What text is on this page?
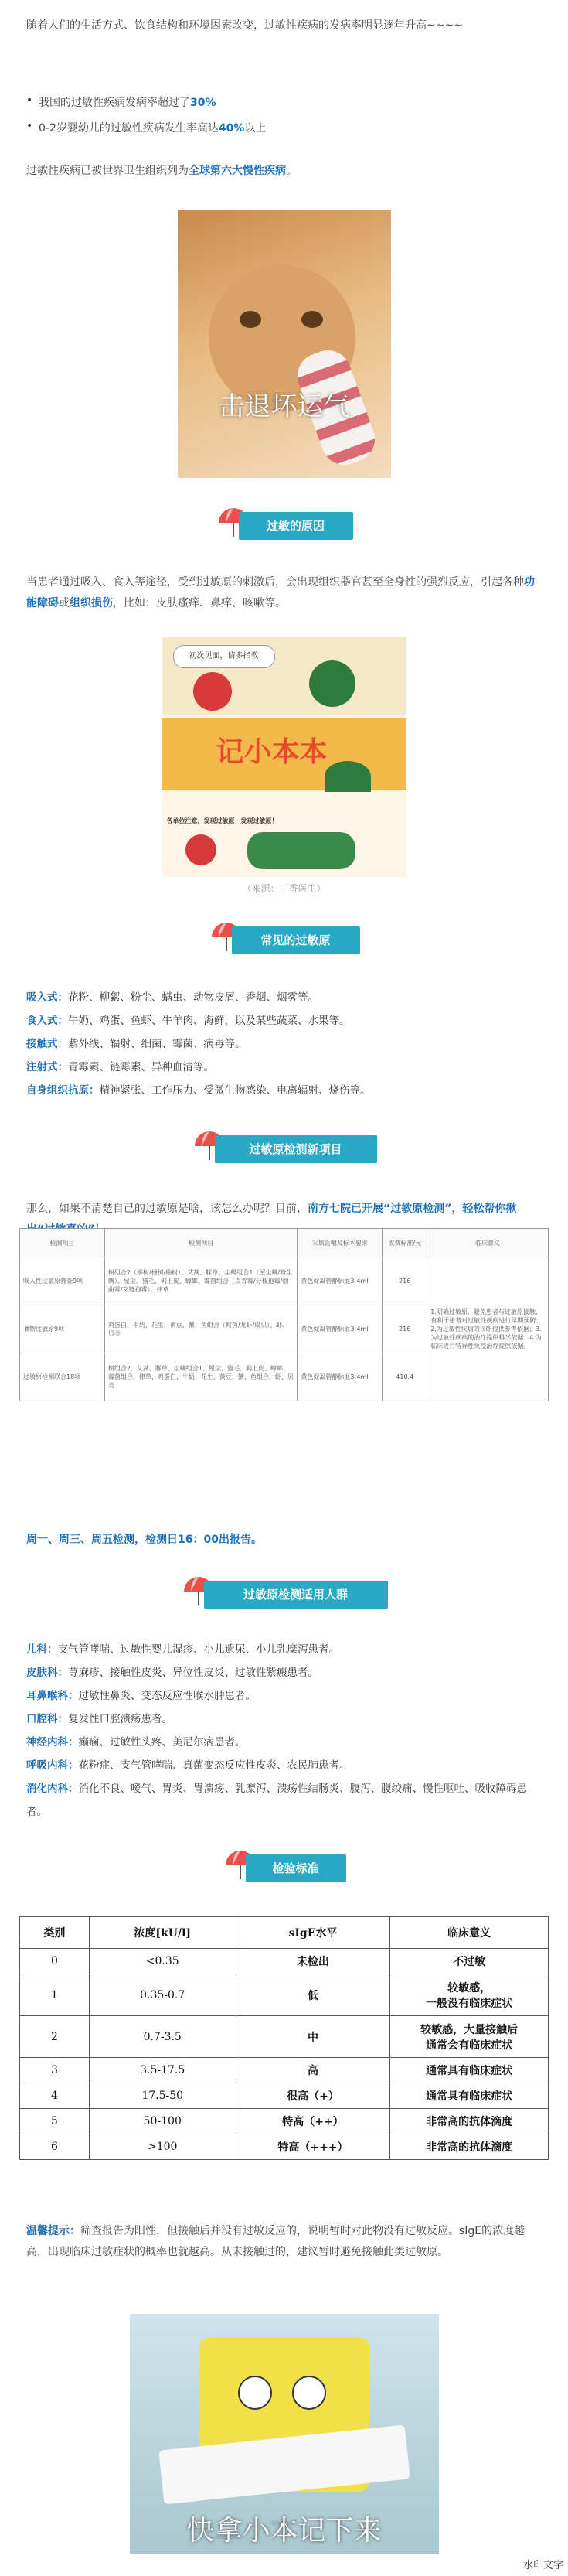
随着人们的生活方式、饮食结构和环境因素改变，过敏性疾病的发病率明显逐年升高~~~~
• 我国的过敏性疾病发病率超过了30%
• 0-2岁婴幼儿的过敏性疾病发生率高达40%以上
过敏性疾病已被世界卫生组织列为全球第六大慢性疾病。
击退坏运气
过敏的原因
当患者通过吸入、食入等途径，受到过敏原的刺激后，会出现组织器官甚至全身性的强烈反应，引起各种功能障碍或组织损伤，比如：皮肤瘙痒、鼻痒、咳嗽等。
初次见面，请多指教
记小本本
各单位注意，发现过敏原！发现过敏原！
（来源：丁香医生）
常见的过敏原
吸入式：花粉、柳絮、粉尘、螨虫、动物皮屑、香烟、烟雾等。
食入式：牛奶、鸡蛋、鱼虾、牛羊肉、海鲜，以及某些蔬菜、水果等。
接触式：紫外线、辐射、细菌、霉菌、病毒等。
注射式：青霉素、链霉素、异种血清等。
自身组织抗原：精神紧张、工作压力、受微生物感染、电离辐射、烧伤等。
过敏原检测新项目
那么，如果不清楚自己的过敏原是啥，该怎么办呢？目前，南方七院已开展“过敏原检测”，轻松帮你揪
检测项目	检测项目	采集医嘱及标本要求	收费标准/元	临床意义
吸入性过敏原筛查9项	树组合2（柳树/杨树/榆树）、艾蒿、豚草、尘螨组合1（屋尘螨/粉尘螨）、屋尘、猫毛、狗上皮、蟑螂、霉菌组合（点青霉/分枝孢霉/烟曲霉/交链孢霉）、律草	黄色促凝管静脉血3-4ml	216	1.明确过敏原，避免患者与过敏原接触，有利于患者对过敏性疾病进行早期预防；2.为过敏性疾病的诊断提供参考依据；3.为过敏性疾病的治疗提供科学依据；4.为临床进行特异性免疫治疗提供依据。
食物过敏原9项	鸡蛋白、牛奶、花生、黄豆、蟹、鱼组合（鳕鱼/龙虾/扇贝）、虾、贝类	黄色促凝管静脉血3-4ml	216	
过敏原检测联合18项	树组合2、艾蒿、豚草、尘螨组合1、屋尘、猫毛、狗上皮、蟑螂、霉菌组合、律草、鸡蛋白、牛奶、花生、黄豆、蟹、鱼组合、虾、贝类	黄色促凝管静脉血3-4ml	410.4	
周一、周三、周五检测，检测日16：00出报告。
过敏原检测适用人群
儿科：支气管哮喘、过敏性婴儿湿疹、小儿遗尿、小儿乳糜泻患者。
皮肤科：荨麻疹、接触性皮炎、异位性皮炎、过敏性紫癜患者。
耳鼻喉科：过敏性鼻炎、变态反应性喉水肿患者。
口腔科：复发性口腔溃疡患者。
神经内科：癫痫、过敏性头疼、美尼尔病患者。
呼吸内科：花粉症、支气管哮喘、真菌变态反应性皮炎、农民肺患者。
消化内科：消化不良、嗳气、胃炎、胃溃疡、乳糜泻、溃疡性结肠炎、腹泻、腹绞痛、慢性呕吐、吸收障碍患者。
检验标准
类别	浓度[kU/l]	sIgE水平	临床意义
0	<0.35	未检出	不过敏
1	0.35-0.7	低	较敏感，
一般没有临床症状
2	0.7-3.5	中	较敏感，大量接触后
通常会有临床症状
3	3.5-17.5	高	通常具有临床症状
4	17.5-50	很高（+）	通常具有临床症状
5	50-100	特高（++）	非常高的抗体滴度
6	>100	特高（+++）	非常高的抗体滴度
温馨提示：筛查报告为阳性，但接触后并没有过敏反应的，说明暂时对此物没有过敏反应。sIgE的浓度越高，出现临床过敏症状的概率也就越高。从未接触过的，建议暂时避免接触此类过敏原。
快拿小本记下来
水印文字
